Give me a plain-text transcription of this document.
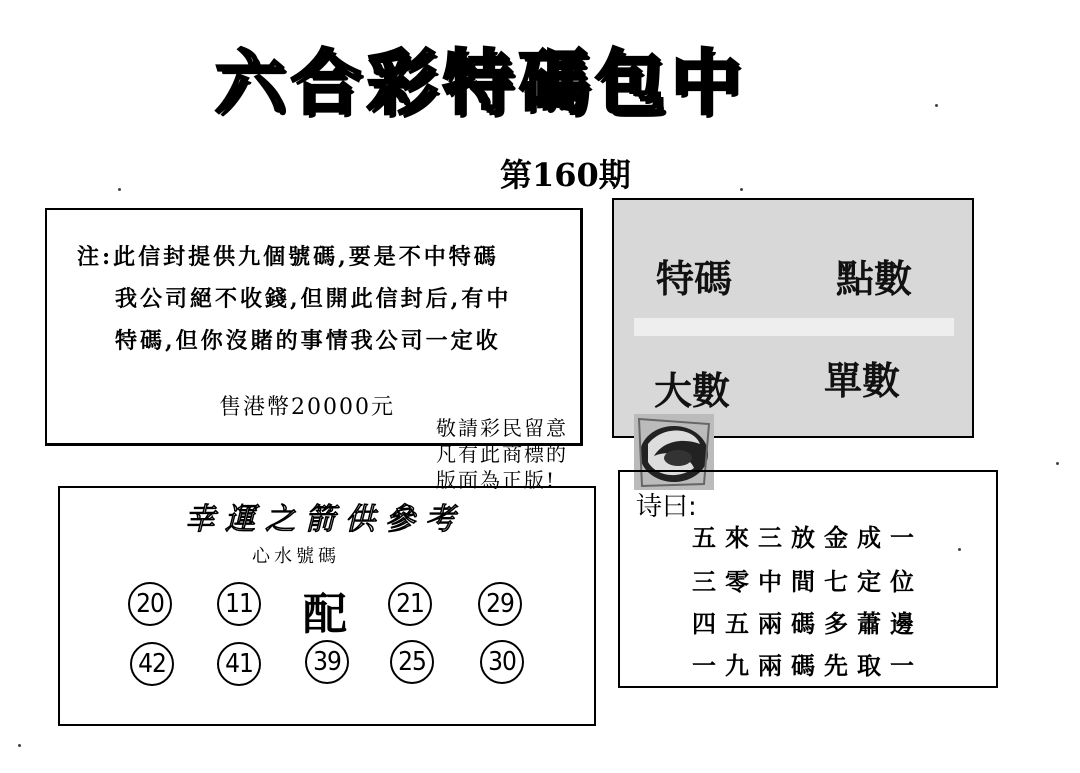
六合彩特碼包中
第160期
注:此信封提供九個號碼,要是不中特碼
我公司絕不收錢,但開此信封后,有中
特碼,但你沒賭的事情我公司一定收
售港幣20000元
特碼	點數
大數 單數
敬請彩民留意
凡有此商標的
版面為正版!
幸運之箭供參考
心水號碼
20	11 配	21	29
42	41	39	25	30
诗曰:
五來三放金成一
三零中間七定位
四五兩碼多蕭邊
一九兩碼先取一
